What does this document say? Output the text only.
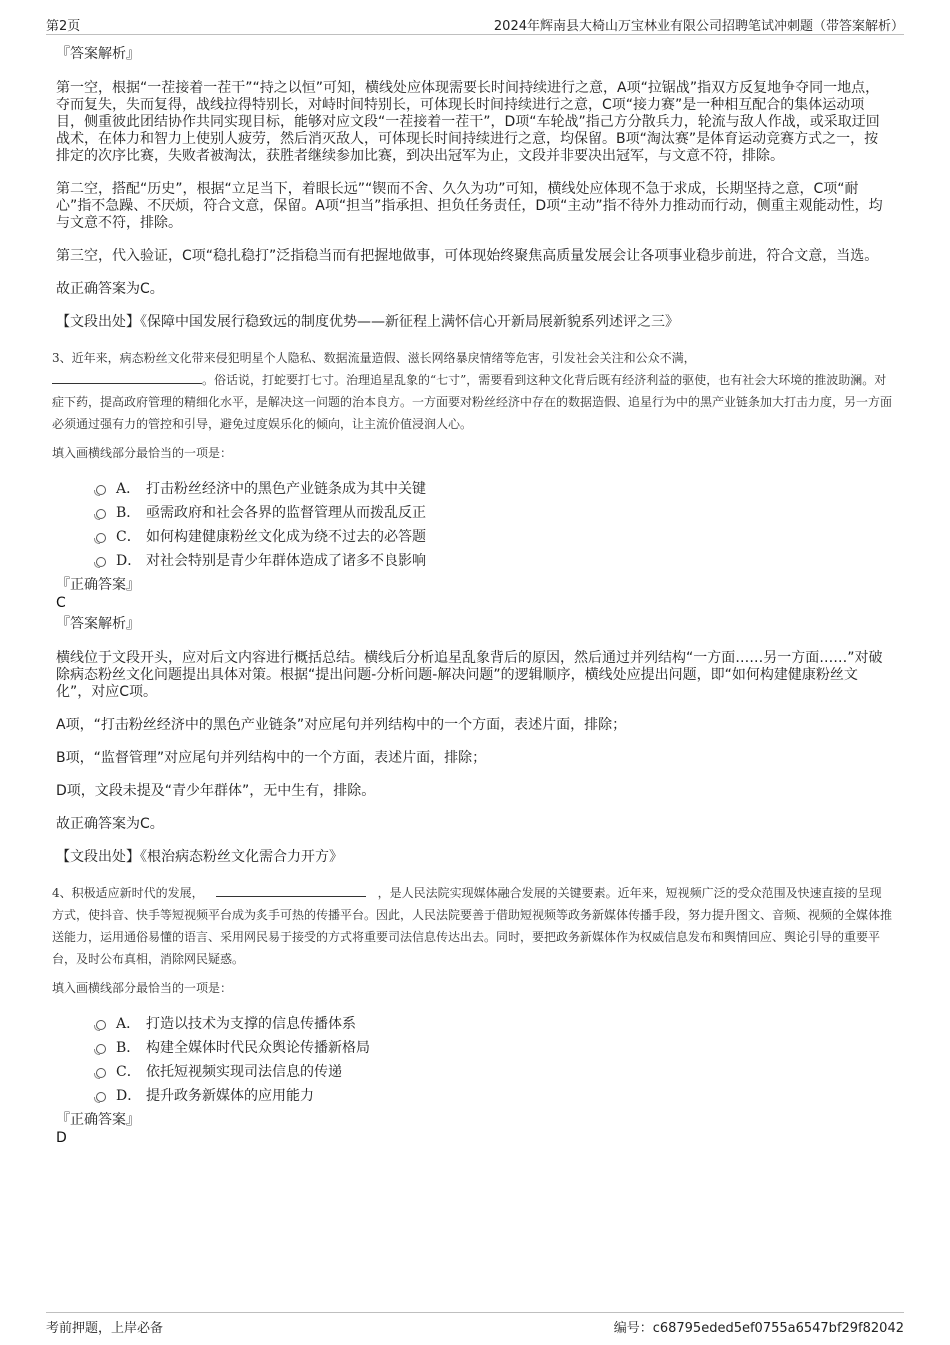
第2页	2024年辉南县大椅山万宝林业有限公司招聘笔试冲刺题（带答案解析）

『答案解析』

第一空，根据“一茬接着一茬干”“持之以恒”可知，横线处应体现需要长时间持续进行之意，A项“拉锯战”指双方反复地争夺同一地点，夺而复失，失而复得，战线拉得特别长，对峙时间特别长，可体现长时间持续进行之意，C项“接力赛”是一种相互配合的集体运动项目，侧重彼此团结协作共同实现目标，能够对应文段“一茬接着一茬干”，D项“车轮战”指己方分散兵力，轮流与敌人作战，或采取迂回战术，在体力和智力上使别人疲劳，然后消灭敌人，可体现长时间持续进行之意，均保留。B项“淘汰赛”是体育运动竞赛方式之一，按排定的次序比赛，失败者被淘汰，获胜者继续参加比赛，到决出冠军为止，文段并非要决出冠军，与文意不符，排除。

第二空，搭配“历史”，根据“立足当下，着眼长远”“锲而不舍、久久为功”可知，横线处应体现不急于求成，长期坚持之意，C项“耐心”指不急躁、不厌烦，符合文意，保留。A项“担当”指承担、担负任务责任，D项“主动”指不待外力推动而行动，侧重主观能动性，均与文意不符，排除。

第三空，代入验证，C项“稳扎稳打”泛指稳当而有把握地做事，可体现始终聚焦高质量发展会让各项事业稳步前进，符合文意，当选。

故正确答案为C。

【文段出处】《保障中国发展行稳致远的制度优势——新征程上满怀信心开新局展新貌系列述评之三》

3、近年来，病态粉丝文化带来侵犯明星个人隐私、数据流量造假、滋长网络暴戾情绪等危害，引发社会关注和公众不满，
。俗话说，打蛇要打七寸。治理追星乱象的“七寸”，需要看到这种文化背后既有经济利益的驱使，也有社会大环境的推波助澜。对症下药，提高政府管理的精细化水平，是解决这一问题的治本良方。一方面要对粉丝经济中存在的数据造假、追星行为中的黑产业链条加大打击力度，另一方面必须通过强有力的管控和引导，避免过度娱乐化的倾向，让主流价值浸润人心。

填入画横线部分最恰当的一项是：

A． 打击粉丝经济中的黑色产业链条成为其中关键
B． 亟需政府和社会各界的监督管理从而拨乱反正
C． 如何构建健康粉丝文化成为绕不过去的必答题
D． 对社会特别是青少年群体造成了诸多不良影响

『正确答案』

C

『答案解析』

横线位于文段开头，应对后文内容进行概括总结。横线后分析追星乱象背后的原因，然后通过并列结构“一方面……另一方面……”对破除病态粉丝文化问题提出具体对策。根据“提出问题-分析问题-解决问题”的逻辑顺序，横线处应提出问题，即“如何构建健康粉丝文化”，对应C项。

A项，“打击粉丝经济中的黑色产业链条”对应尾句并列结构中的一个方面，表述片面，排除；

B项，“监督管理”对应尾句并列结构中的一个方面，表述片面，排除；

D项，文段未提及“青少年群体”，无中生有，排除。

故正确答案为C。

【文段出处】《根治病态粉丝文化需合力开方》

4、积极适应新时代的发展，	，是人民法院实现媒体融合发展的关键要素。近年来，短视频广泛的受众范围及快速直接的呈现方式，使抖音、快手等短视频平台成为炙手可热的传播平台。因此，人民法院要善于借助短视频等政务新媒体传播手段，努力提升图文、音频、视频的全媒体推送能力，运用通俗易懂的语言、采用网民易于接受的方式将重要司法信息传达出去。同时，要把政务新媒体作为权威信息发布和舆情回应、舆论引导的重要平台，及时公布真相，消除网民疑惑。

填入画横线部分最恰当的一项是：

A． 打造以技术为支撑的信息传播体系
B． 构建全媒体时代民众舆论传播新格局
C． 依托短视频实现司法信息的传递
D． 提升政务新媒体的应用能力

『正确答案』

D

考前押题，上岸必备	编号：c68795eded5ef0755a6547bf29f82042
